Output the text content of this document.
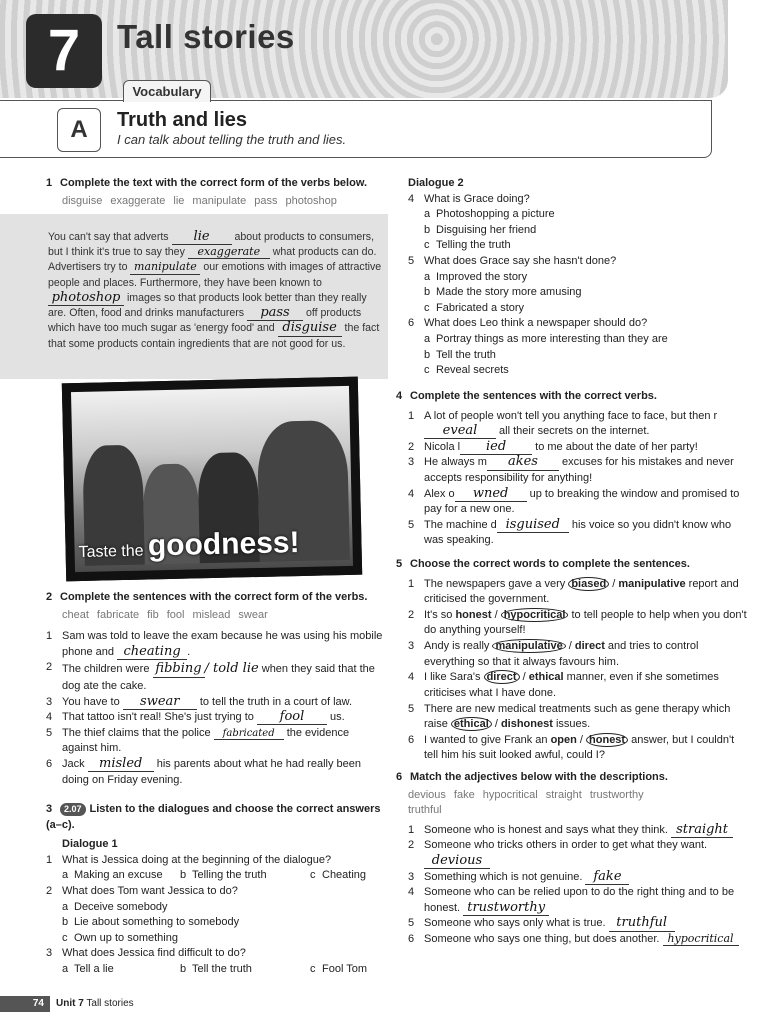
7	Tall stories
Vocabulary
A	Truth and lies
I can talk about telling the truth and lies.
1 Complete the text with the correct form of the verbs below.
disguise exaggerate lie manipulate pass photoshop
You can't say that adverts lie about products to consumers, but I think it's true to say they exaggerate what products can do. Advertisers try to manipulate our emotions with images of attractive people and places. Furthermore, they have been known to photoshop images so that products look better than they really are. Often, food and drinks manufacturers pass off products which have too much sugar as 'energy food' and disguise the fact that some products contain ingredients that are not good for us.
Taste the goodness!
2 Complete the sentences with the correct form of the verbs.
cheat fabricate fib fool mislead swear
1 Sam was told to leave the exam because he was using his mobile phone and cheating .
2 The children were fibbing / told lie when they said that the dog ate the cake.
3 You have to swear to tell the truth in a court of law.
4 That tattoo isn't real! She's just trying to fool us.
5 The thief claims that the police fabricated the evidence against him.
6 Jack misled his parents about what he had really been doing on Friday evening.
3 2.07 Listen to the dialogues and choose the correct answers (a–c).
Dialogue 1
1 What is Jessica doing at the beginning of the dialogue?
a Making an excuse	b Telling the truth	c Cheating
2 What does Tom want Jessica to do?
a Deceive somebody
b Lie about something to somebody
c Own up to something
3 What does Jessica find difficult to do?
a Tell a lie	b Tell the truth	c Fool Tom
Dialogue 2
4 What is Grace doing?
a Photoshopping a picture
b Disguising her friend
c Telling the truth
5 What does Grace say she hasn't done?
a Improved the story
b Made the story more amusing
c Fabricated a story
6 What does Leo think a newspaper should do?
a Portray things as more interesting than they are
b Tell the truth
c Reveal secrets
4 Complete the sentences with the correct verbs.
1 A lot of people won't tell you anything face to face, but then reveal all their secrets on the internet.
2 Nicola l ied to me about the date of her party!
3 He always m akes excuses for his mistakes and never accepts responsibility for anything!
4 Alex o wned up to breaking the window and promised to pay for a new one.
5 The machine d isguised his voice so you didn't know who was speaking.
5 Choose the correct words to complete the sentences.
1 The newspapers gave a very biased / manipulative report and criticised the government.
2 It's so honest / hypocritical to tell people to help when you don't do anything yourself!
3 Andy is really manipulative / direct and tries to control everything so that it always favours him.
4 I like Sara's direct / ethical manner, even if she sometimes criticises what I have done.
5 There are new medical treatments such as gene therapy which raise ethical / dishonest issues.
6 I wanted to give Frank an open / honest answer, but I couldn't tell him his suit looked awful, could I?
6 Match the adjectives below with the descriptions.
devious fake hypocritical straight trustworthy
truthful
1 Someone who is honest and says what they think. straight
2 Someone who tricks others in order to get what they want. devious
3 Something which is not genuine. fake
4 Someone who can be relied upon to do the right thing and to be honest. trustworthy
5 Someone who says only what is true. truthful
6 Someone who says one thing, but does another. hypocritical
74	Unit 7 Tall stories
